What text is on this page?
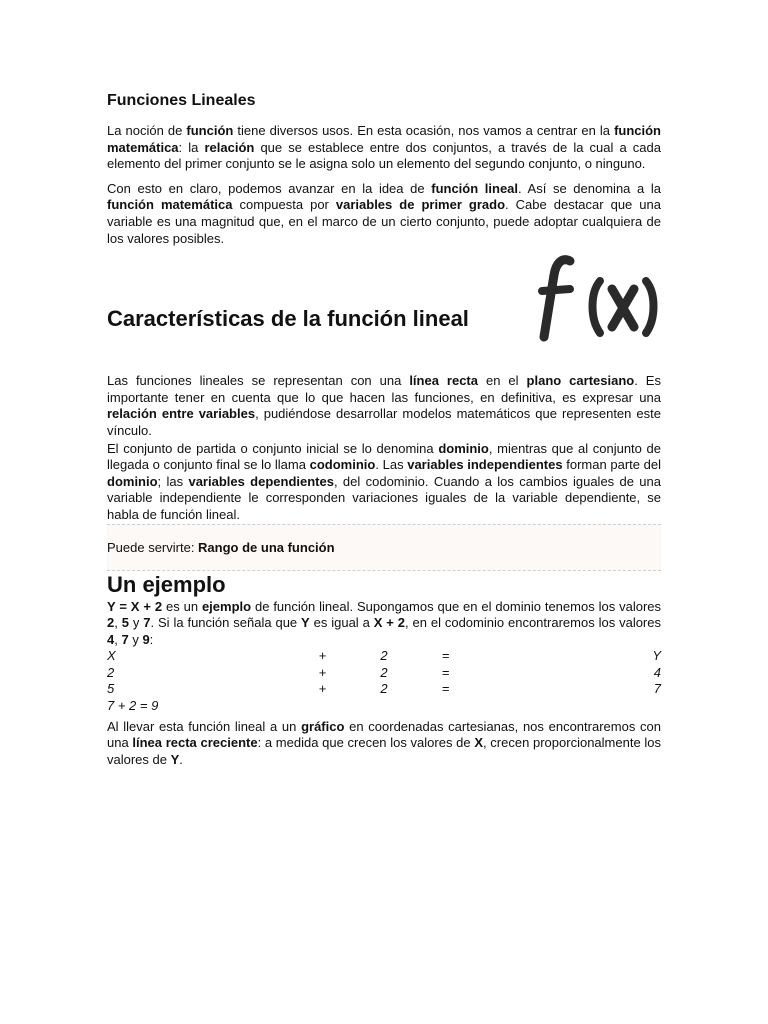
Funciones Lineales

La noción de función tiene diversos usos. En esta ocasión, nos vamos a centrar en la función matemática: la relación que se establece entre dos conjuntos, a través de la cual a cada elemento del primer conjunto se le asigna solo un elemento del segundo conjunto, o ninguno.

Con esto en claro, podemos avanzar en la idea de función lineal. Así se denomina a la función matemática compuesta por variables de primer grado. Cabe destacar que una variable es una magnitud que, en el marco de un cierto conjunto, puede adoptar cualquiera de los valores posibles.

Características de la función lineal

Las funciones lineales se representan con una línea recta en el plano cartesiano. Es importante tener en cuenta que lo que hacen las funciones, en definitiva, es expresar una relación entre variables, pudiéndose desarrollar modelos matemáticos que representen este vínculo.

El conjunto de partida o conjunto inicial se lo denomina dominio, mientras que al conjunto de llegada o conjunto final se lo llama codominio. Las variables independientes forman parte del dominio; las variables dependientes, del codominio. Cuando a los cambios iguales de una variable independiente le corresponden variaciones iguales de la variable dependiente, se habla de función lineal.

Puede servirte: Rango de una función
Un ejemplo

Y = X + 2 es un ejemplo de función lineal. Supongamos que en el dominio tenemos los valores 2, 5 y 7. Si la función señala que Y es igual a X + 2, en el codominio encontraremos los valores 4, 7 y 9:

X	+	2	=	Y
2	+	2	=	4
5	+	2	=	7

7 + 2 = 9

Al llevar esta función lineal a un gráfico en coordenadas cartesianas, nos encontraremos con una línea recta creciente: a medida que crecen los valores de X, crecen proporcionalmente los valores de Y.
